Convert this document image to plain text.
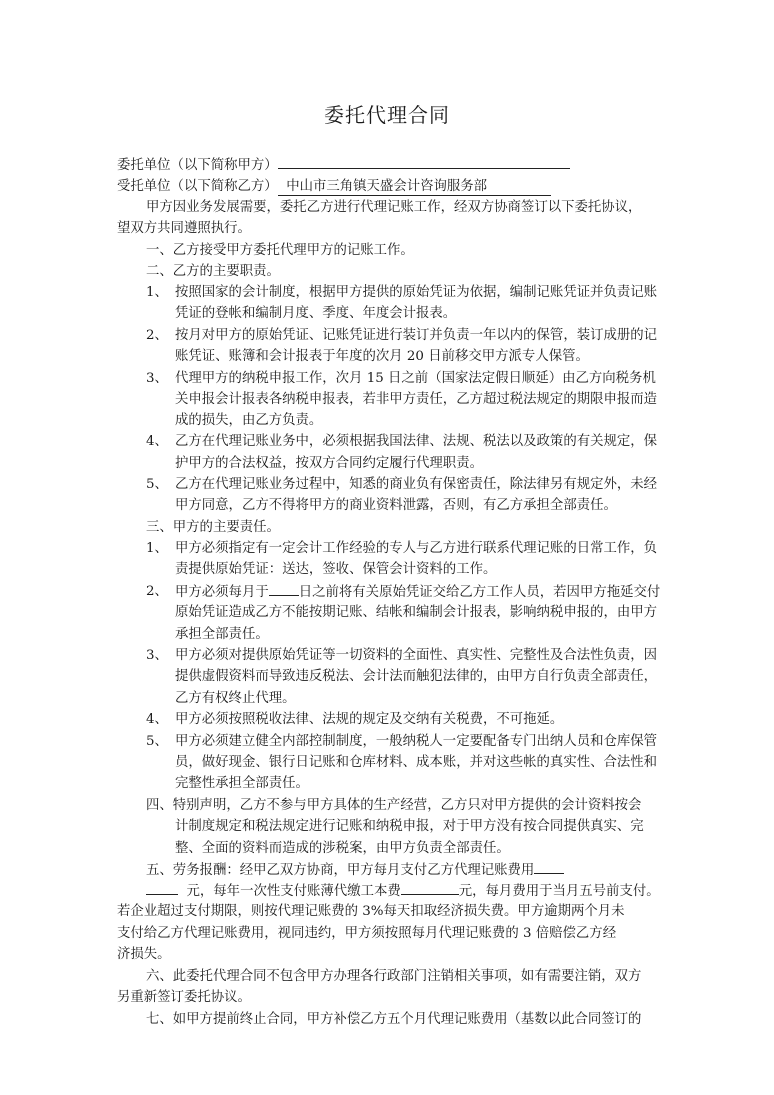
委托代理合同
委托单位（以下简称甲方）
受托单位（以下简称乙方） 中山市三角镇天盛会计咨询服务部
甲方因业务发展需要，委托乙方进行代理记账工作，经双方协商签订以下委托协议，
望双方共同遵照执行。
一、乙方接受甲方委托代理甲方的记账工作。
二、乙方的主要职责。
1、 按照国家的会计制度，根据甲方提供的原始凭证为依据，编制记账凭证并负责记账
凭证的登帐和编制月度、季度、年度会计报表。
2、 按月对甲方的原始凭证、记账凭证进行装订并负责一年以内的保管，装订成册的记
账凭证、账簿和会计报表于年度的次月 20 日前移交甲方派专人保管。
3、 代理甲方的纳税申报工作，次月 15 日之前（国家法定假日顺延）由乙方向税务机
关申报会计报表各纳税申报表，若非甲方责任，乙方超过税法规定的期限申报而造
成的损失，由乙方负责。
4、 乙方在代理记账业务中，必须根据我国法律、法规、税法以及政策的有关规定，保
护甲方的合法权益，按双方合同约定履行代理职责。
5、 乙方在代理记账业务过程中，知悉的商业负有保密责任，除法律另有规定外，未经
甲方同意，乙方不得将甲方的商业资料泄露，否则，有乙方承担全部责任。
三、甲方的主要责任。
1、 甲方必须指定有一定会计工作经验的专人与乙方进行联系代理记账的日常工作，负
责提供原始凭证：送达，签收、保管会计资料的工作。
2、 甲方必须每月于 日之前将有关原始凭证交给乙方工作人员，若因甲方拖延交付
原始凭证造成乙方不能按期记账、结帐和编制会计报表，影响纳税申报的，由甲方
承担全部责任。
3、 甲方必须对提供原始凭证等一切资料的全面性、真实性、完整性及合法性负责，因
提供虚假资料而导致违反税法、会计法而触犯法律的，由甲方自行负责全部责任，
乙方有权终止代理。
4、 甲方必须按照税收法律、法规的规定及交纳有关税费，不可拖延。
5、 甲方必须建立健全内部控制制度，一般纳税人一定要配备专门出纳人员和仓库保管
员，做好现金、银行日记账和仓库材料、成本账，并对这些帐的真实性、合法性和
完整性承担全部责任。
四、特别声明，乙方不参与甲方具体的生产经营，乙方只对甲方提供的会计资料按会
计制度规定和税法规定进行记账和纳税申报，对于甲方没有按合同提供真实、完
整、全面的资料而造成的涉税案，由甲方负责全部责任。
五、劳务报酬：经甲乙双方协商，甲方每月支付乙方代理记账费用
元，每年一次性支付账薄代缴工本费	元，每月费用于当月五号前支付。
若企业超过支付期限，则按代理记账费的 3%每天扣取经济损失费。甲方逾期两个月未
支付给乙方代理记账费用，视同违约，甲方须按照每月代理记账费的 3 倍赔偿乙方经
济损失。
六、此委托代理合同不包含甲方办理各行政部门注销相关事项，如有需要注销，双方
另重新签订委托协议。
七、如甲方提前终止合同，甲方补偿乙方五个月代理记账费用（基数以此合同签订的
